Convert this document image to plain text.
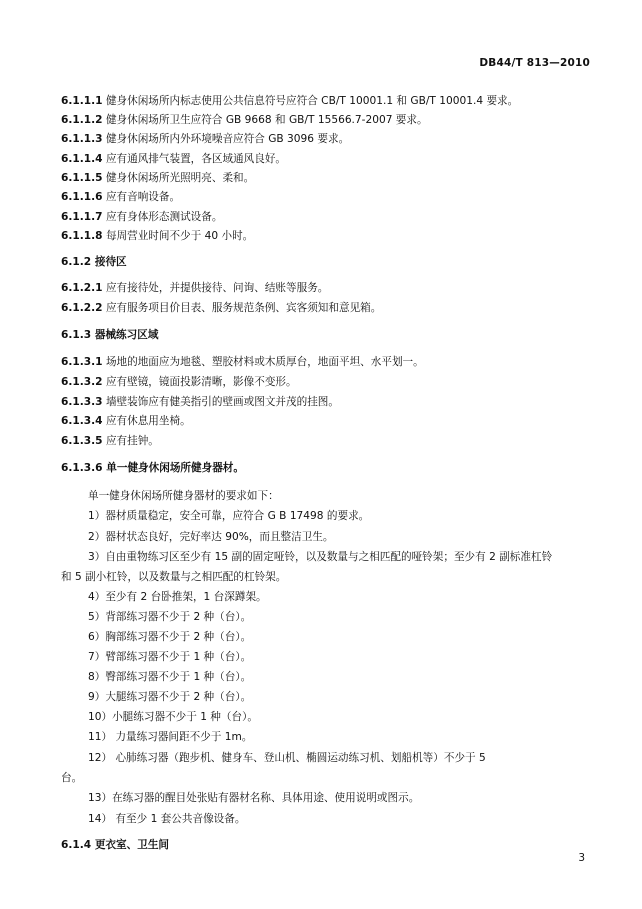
DB44/T 813—2010
6.1.1.1 健身休闲场所内标志使用公共信息符号应符合 CB/T 10001.1 和 GB/T 10001.4 要求。
6.1.1.2 健身休闲场所卫生应符合 GB 9668 和 GB/T 15566.7-2007 要求。
6.1.1.3 健身休闲场所内外环境噪音应符合 GB 3096 要求。
6.1.1.4 应有通风排气装置，各区域通风良好。
6.1.1.5 健身休闲场所光照明亮、柔和。
6.1.1.6 应有音响设备。
6.1.1.7 应有身体形态测试设备。
6.1.1.8 每周营业时间不少于 40 小时。
6.1.2 接待区
6.1.2.1 应有接待处，并提供接待、问询、结账等服务。
6.1.2.2 应有服务项目价目表、服务规范条例、宾客须知和意见箱。
6.1.3 器械练习区域
6.1.3.1 场地的地面应为地毯、塑胶材料或木质厚台，地面平坦、水平划一。
6.1.3.2 应有壁镜，镜面投影清晰，影像不变形。
6.1.3.3 墙壁装饰应有健美指引的壁画或图文并茂的挂图。
6.1.3.4 应有休息用坐椅。
6.1.3.5 应有挂钟。
6.1.3.6 单一健身休闲场所健身器材。
单一健身休闲场所健身器材的要求如下：
1）器材质量稳定，安全可靠，应符合 G B 17498 的要求。
2）器材状态良好，完好率达 90%，而且整洁卫生。
3）自由重物练习区至少有 15 副的固定哑铃，以及数量与之相匹配的哑铃架；至少有 2 副标准杠铃
和 5 副小杠铃，以及数量与之相匹配的杠铃架。
4）至少有 2 台卧推架，1 台深蹲架。
5）背部练习器不少于 2 种（台）。
6）胸部练习器不少于 2 种（台）。
7）臂部练习器不少于 1 种（台）。
8）臀部练习器不少于 1 种（台）。
9）大腿练习器不少于 2 种（台）。
10）小腿练习器不少于 1 种（台）。
11） 力量练习器间距不少于 1m。
12） 心肺练习器（跑步机、健身车、登山机、椭圆运动练习机、划船机等）不少于 5
台。
13）在练习器的醒目处张贴有器材名称、具体用途、使用说明或图示。
14） 有至少 1 套公共音像设备。
6.1.4 更衣室、卫生间
3
